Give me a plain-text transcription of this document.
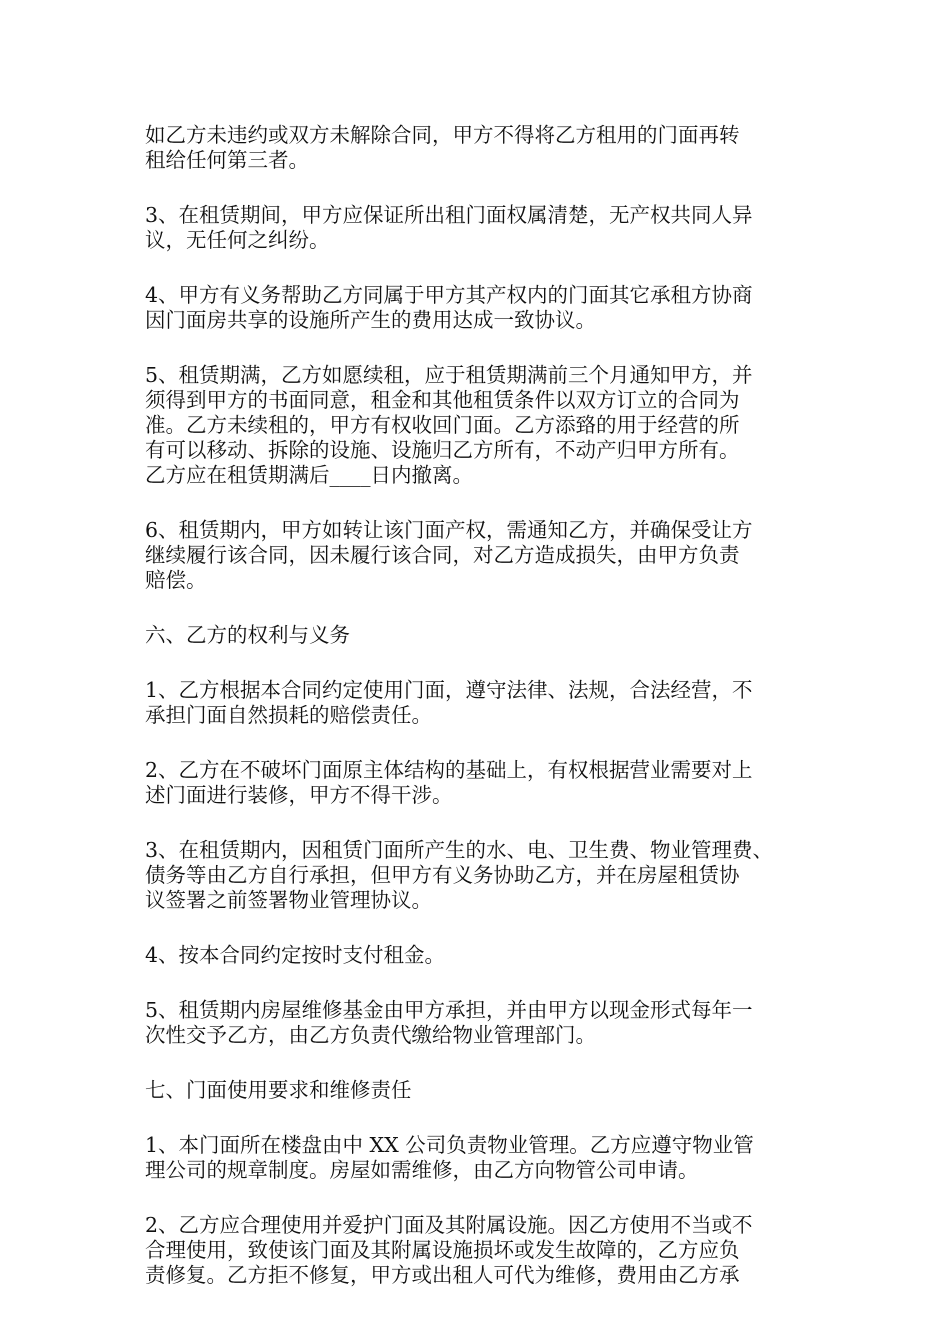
如乙方未违约或双方未解除合同，甲方不得将乙方租用的门面再转
租给任何第三者。
3、在租赁期间，甲方应保证所出租门面权属清楚，无产权共同人异
议，无任何之纠纷。
4、甲方有义务帮助乙方同属于甲方其产权内的门面其它承租方协商
因门面房共享的设施所产生的费用达成一致协议。
5、租赁期满，乙方如愿续租，应于租赁期满前三个月通知甲方，并
须得到甲方的书面同意，租金和其他租赁条件以双方订立的合同为
准。乙方未续租的，甲方有权收回门面。乙方添臵的用于经营的所
有可以移动、拆除的设施、设施归乙方所有，不动产归甲方所有。
乙方应在租赁期满后____日内撤离。
6、租赁期内，甲方如转让该门面产权，需通知乙方，并确保受让方
继续履行该合同，因未履行该合同，对乙方造成损失，由甲方负责
赔偿。
六、乙方的权利与义务
1、乙方根据本合同约定使用门面，遵守法律、法规，合法经营，不
承担门面自然损耗的赔偿责任。
2、乙方在不破坏门面原主体结构的基础上，有权根据营业需要对上
述门面进行装修，甲方不得干涉。
3、在租赁期内，因租赁门面所产生的水、电、卫生费、物业管理费、
债务等由乙方自行承担，但甲方有义务协助乙方，并在房屋租赁协
议签署之前签署物业管理协议。
4、按本合同约定按时支付租金。
5、租赁期内房屋维修基金由甲方承担，并由甲方以现金形式每年一
次性交予乙方，由乙方负责代缴给物业管理部门。
七、门面使用要求和维修责任
1、本门面所在楼盘由中 XX 公司负责物业管理。乙方应遵守物业管
理公司的规章制度。房屋如需维修，由乙方向物管公司申请。
2、乙方应合理使用并爱护门面及其附属设施。因乙方使用不当或不
合理使用，致使该门面及其附属设施损坏或发生故障的，乙方应负
责修复。乙方拒不修复，甲方或出租人可代为维修，费用由乙方承
